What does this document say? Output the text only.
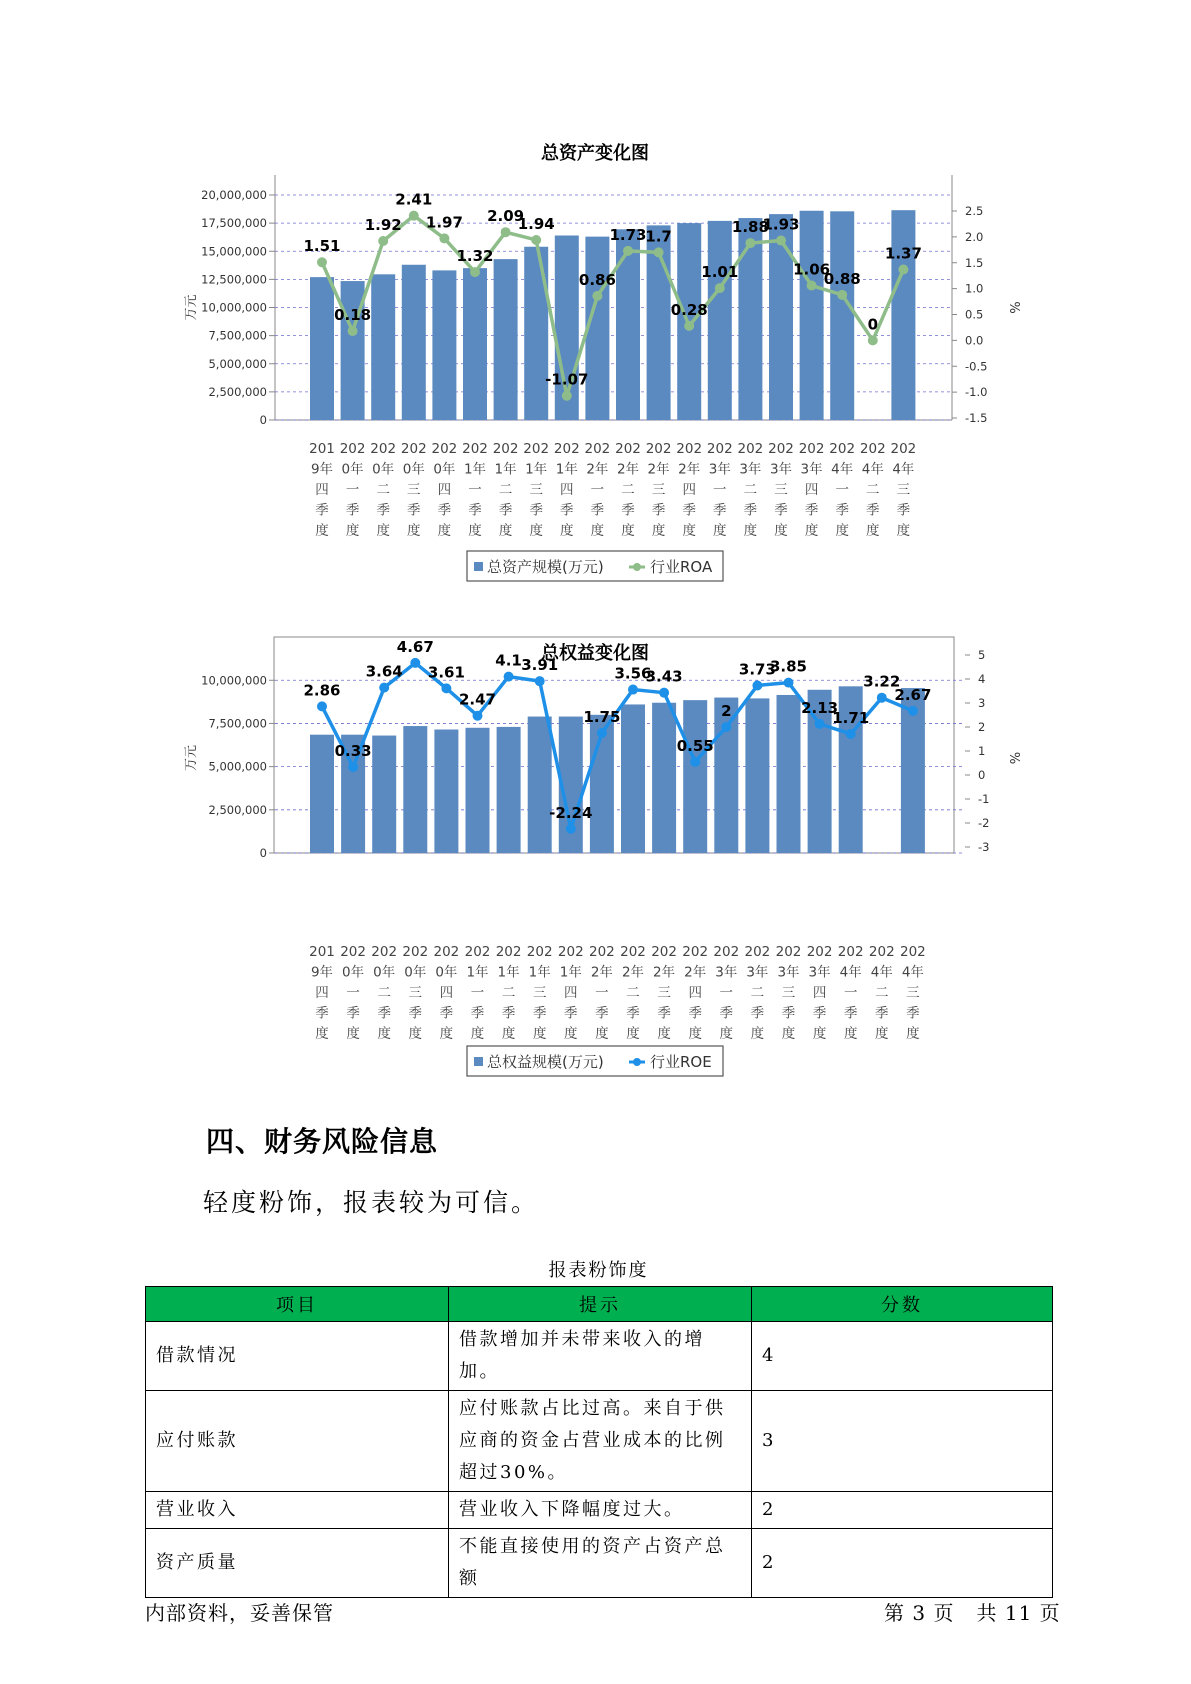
总资产变化图
0
2,500,000
5,000,000
7,500,000
10,000,000
12,500,000
15,000,000
17,500,000
20,000,000
-1.5
-1.0
-0.5
0.0
0.5
1.0
1.5
2.0
2.5
万元	%
1.51
0.18
1.92
2.41
1.97
1.32
2.09
1.94
-1.07
0.86
1.73
1.7
0.28
1.01
1.88
1.93
1.06
0.88
0
1.37
201
9年
四
季
度
202
0年
一
季
度
202
0年
二
季
度
202
0年
三
季
度
202
0年
四
季
度
202
1年
一
季
度
202
1年
二
季
度
202
1年
三
季
度
202
1年
四
季
度
202
2年
一
季
度
202
2年
二
季
度
202
2年
三
季
度
202
2年
四
季
度
202
3年
一
季
度
202
3年
二
季
度
202
3年
三
季
度
202
3年
四
季
度
202
4年
一
季
度
202
4年
二
季
度
202
4年
三
季
度
总资产规模(万元)	行业ROA
总权益变化图
0
2,500,000
5,000,000
7,500,000
10,000,000
-3
-2
-1
0
1
2
3
4
5
万元	%
2.86
0.33
3.64
4.67
3.61
2.47
4.1 3.91
-2.24
1.75
3.56
3.43
0.55
2
3.73
3.85
2.13
1.71
3.22
2.67
201
9年
四
季
度
202
0年
一
季
度
202
0年
二
季
度
202
0年
三
季
度
202
0年
四
季
度
202
1年
一
季
度
202
1年
二
季
度
202
1年
三
季
度
202
1年
四
季
度
202
2年
一
季
度
202
2年
二
季
度
202
2年
三
季
度
202
2年
四
季
度
202
3年
一
季
度
202
3年
二
季
度
202
3年
三
季
度
202
3年
四
季
度
202
4年
一
季
度
202
4年
二
季
度
202
4年
三
季
度
总权益规模(万元)	行业ROE
四、财务风险信息

轻度粉饰，报表较为可信。

报表粉饰度
项目	提示	分数
借款情况	借款增加并未带来收入的增加。	4
应付账款	应付账款占比过高。来自于供应商的资金占营业成本的比例超过30%。	3
营业收入	营业收入下降幅度过大。	2
资产质量	不能直接使用的资产占资产总额	2
内部资料，妥善保管	第 3 页   共 11 页
